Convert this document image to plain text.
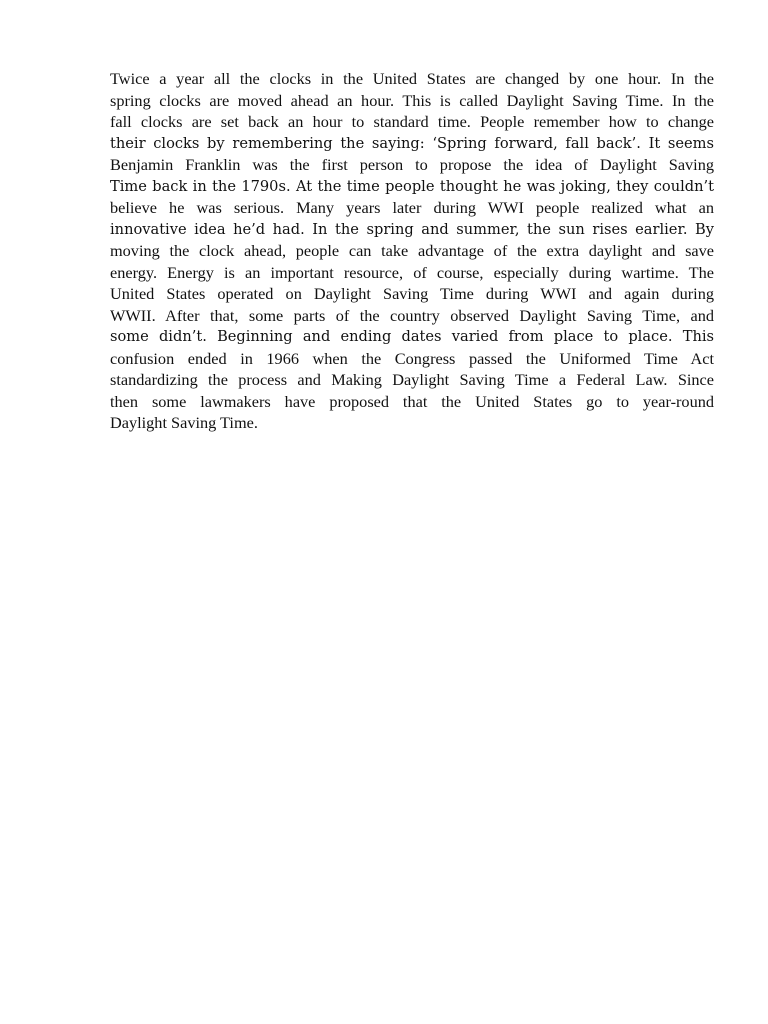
Twice a year all the clocks in the United States are changed by one hour. In the
spring clocks are moved ahead an hour. This is called Daylight Saving Time. In the
fall clocks are set back an hour to standard time. People remember how to change
their clocks by remembering the saying: ‘Spring forward, fall back’. It seems
Benjamin Franklin was the first person to propose the idea of Daylight Saving
Time back in the 1790s. At the time people thought he was joking, they couldn’t
believe he was serious. Many years later during WWI people realized what an
innovative idea he’d had. In the spring and summer, the sun rises earlier. By
moving the clock ahead, people can take advantage of the extra daylight and save
energy. Energy is an important resource, of course, especially during wartime. The
United States operated on Daylight Saving Time during WWI and again during
WWII. After that, some parts of the country observed Daylight Saving Time, and
some didn’t. Beginning and ending dates varied from place to place. This
confusion ended in 1966 when the Congress passed the Uniformed Time Act
standardizing the process and Making Daylight Saving Time a Federal Law. Since
then some lawmakers have proposed that the United States go to year-round
Daylight Saving Time.
